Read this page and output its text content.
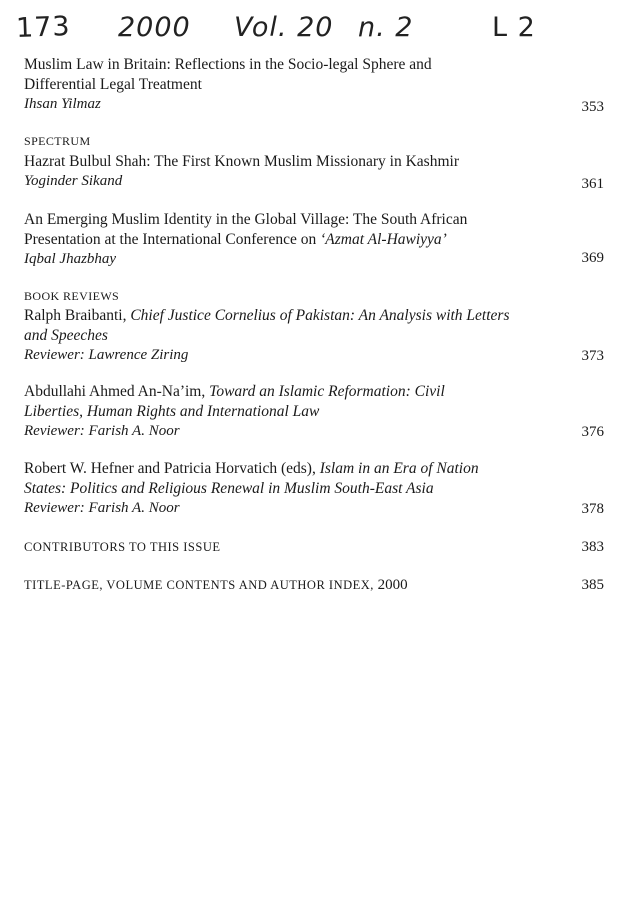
173 2000 Vol. 20 n. 2	L 2
Muslim Law in Britain: Reflections in the Socio-legal Sphere and
Differential Legal Treatment
Ihsan Yilmaz	353
SPECTRUM
Hazrat Bulbul Shah: The First Known Muslim Missionary in Kashmir
Yoginder Sikand	361
An Emerging Muslim Identity in the Global Village: The South African
Presentation at the International Conference on ‘Azmat Al-Hawiyya’
Iqbal Jhazbhay	369
BOOK REVIEWS
Ralph Braibanti, Chief Justice Cornelius of Pakistan: An Analysis with Letters
and Speeches
Reviewer: Lawrence Ziring	373
Abdullahi Ahmed An-Na’im, Toward an Islamic Reformation: Civil
Liberties, Human Rights and International Law
Reviewer: Farish A. Noor	376
Robert W. Hefner and Patricia Horvatich (eds), Islam in an Era of Nation
States: Politics and Religious Renewal in Muslim South-East Asia
Reviewer: Farish A. Noor	378
CONTRIBUTORS TO THIS ISSUE	383
TITLE-PAGE, VOLUME CONTENTS AND AUTHOR INDEX, 2000	385
